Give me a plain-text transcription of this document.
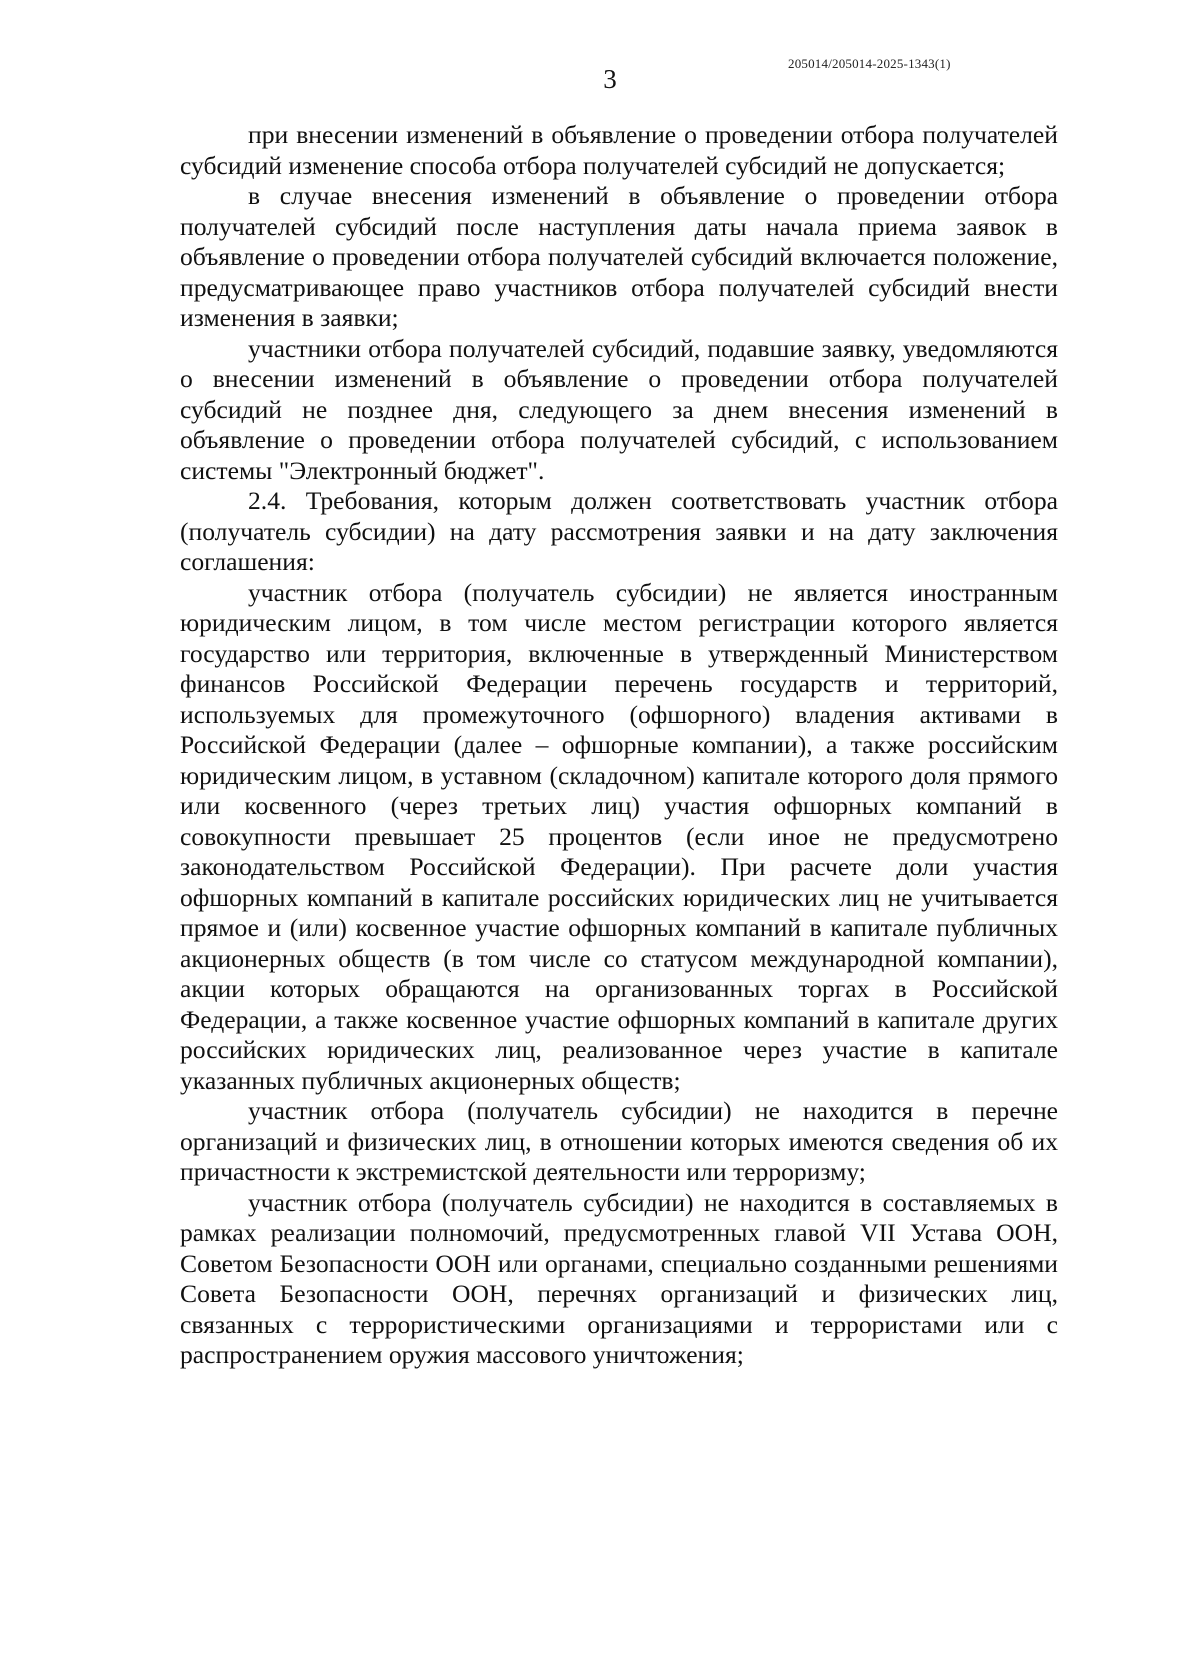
205014/205014-2025-1343(1)
3

при внесении изменений в объявление о проведении отбора получателей субсидий изменение способа отбора получателей субсидий не допускается;

в случае внесения изменений в объявление о проведении отбора получателей субсидий после наступления даты начала приема заявок в объявление о проведении отбора получателей субсидий включается положение, предусматривающее право участников отбора получателей субсидий внести изменения в заявки;

участники отбора получателей субсидий, подавшие заявку, уведомляются о внесении изменений в объявление о проведении отбора получателей субсидий не позднее дня, следующего за днем внесения изменений в объявление о проведении отбора получателей субсидий, с использованием системы "Электронный бюджет".

2.4. Требования, которым должен соответствовать участник отбора (получатель субсидии) на дату рассмотрения заявки и на дату заключения соглашения:

участник отбора (получатель субсидии) не является иностранным юридическим лицом, в том числе местом регистрации которого является государство или территория, включенные в утвержденный Министерством финансов Российской Федерации перечень государств и территорий, используемых для промежуточного (офшорного) владения активами в Российской Федерации (далее – офшорные компании), а также российским юридическим лицом, в уставном (складочном) капитале которого доля прямого или косвенного (через третьих лиц) участия офшорных компаний в совокупности превышает 25 процентов (если иное не предусмотрено законодательством Российской Федерации). При расчете доли участия офшорных компаний в капитале российских юридических лиц не учитывается прямое и (или) косвенное участие офшорных компаний в капитале публичных акционерных обществ (в том числе со статусом международной компании), акции которых обращаются на организованных торгах в Российской Федерации, а также косвенное участие офшорных компаний в капитале других российских юридических лиц, реализованное через участие в капитале указанных публичных акционерных обществ;

участник отбора (получатель субсидии) не находится в перечне организаций и физических лиц, в отношении которых имеются сведения об их причастности к экстремистской деятельности или терроризму;

участник отбора (получатель субсидии) не находится в составляемых в рамках реализации полномочий, предусмотренных главой VII Устава ООН, Советом Безопасности ООН или органами, специально созданными решениями Совета Безопасности ООН, перечнях организаций и физических лиц, связанных с террористическими организациями и террористами или с распространением оружия массового уничтожения;
